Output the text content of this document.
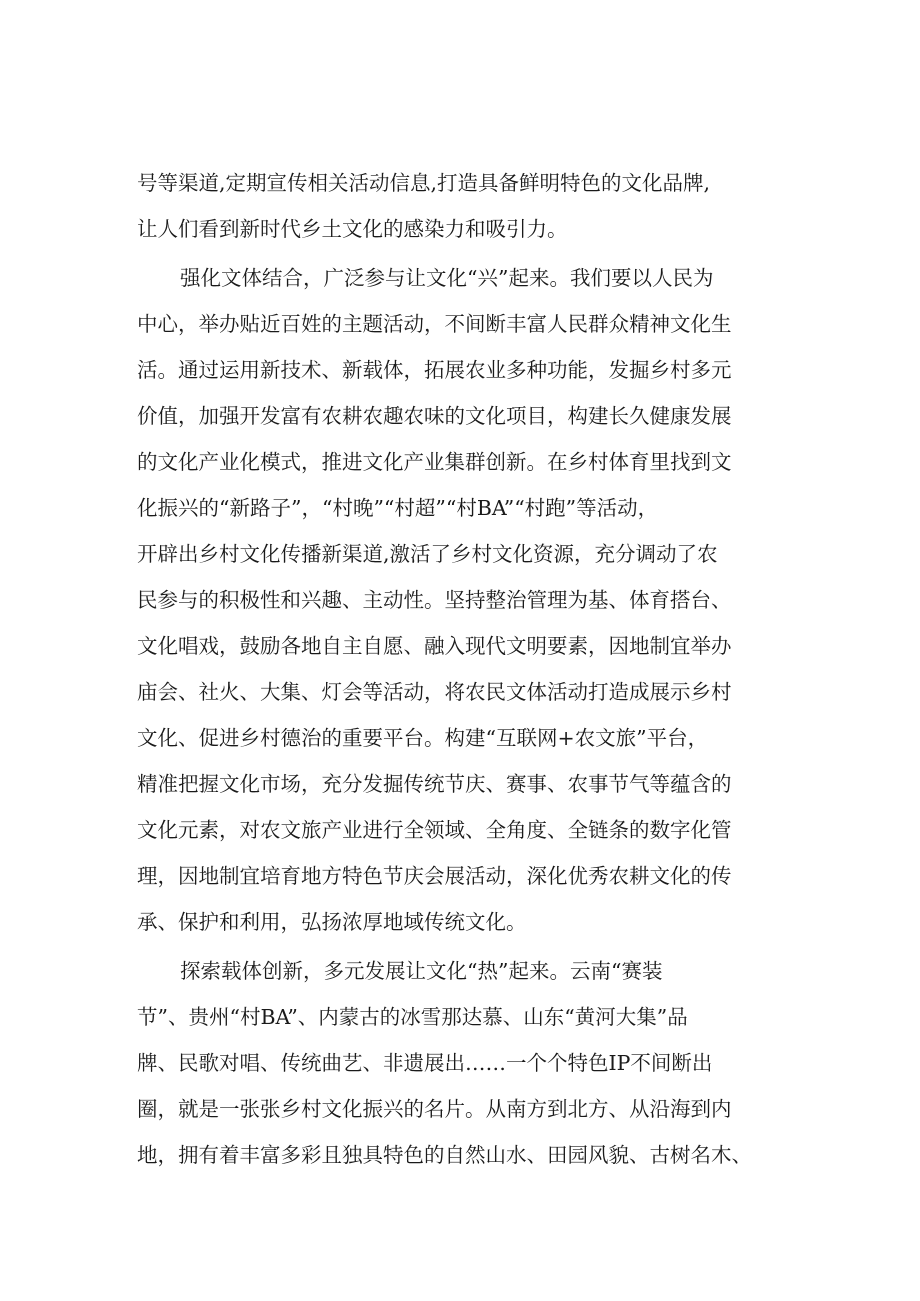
号等渠道,定期宣传相关活动信息,打造具备鲜明特色的文化品牌,
让人们看到新时代乡土文化的感染力和吸引力。
强化文体结合，广泛参与让文化“兴”起来。我们要以人民为
中心，举办贴近百姓的主题活动，不间断丰富人民群众精神文化生
活。通过运用新技术、新载体，拓展农业多种功能，发掘乡村多元
价值，加强开发富有农耕农趣农味的文化项目，构建长久健康发展
的文化产业化模式，推进文化产业集群创新。在乡村体育里找到文
化振兴的“新路子”，“村晚”“村超”“村BA”“村跑”等活动，
开辟出乡村文化传播新渠道,激活了乡村文化资源，充分调动了农
民参与的积极性和兴趣、主动性。坚持整治管理为基、体育搭台、
文化唱戏，鼓励各地自主自愿、融入现代文明要素，因地制宜举办
庙会、社火、大集、灯会等活动，将农民文体活动打造成展示乡村
文化、促进乡村德治的重要平台。构建“互联网+农文旅”平台，
精准把握文化市场，充分发掘传统节庆、赛事、农事节气等蕴含的
文化元素，对农文旅产业进行全领域、全角度、全链条的数字化管
理，因地制宜培育地方特色节庆会展活动，深化优秀农耕文化的传
承、保护和利用，弘扬浓厚地域传统文化。
探索载体创新，多元发展让文化“热”起来。云南“赛装
节”、贵州“村BA”、内蒙古的冰雪那达慕、山东“黄河大集”品
牌、民歌对唱、传统曲艺、非遗展出……一个个特色IP不间断出
圈，就是一张张乡村文化振兴的名片。从南方到北方、从沿海到内
地，拥有着丰富多彩且独具特色的自然山水、田园风貌、古树名木、
